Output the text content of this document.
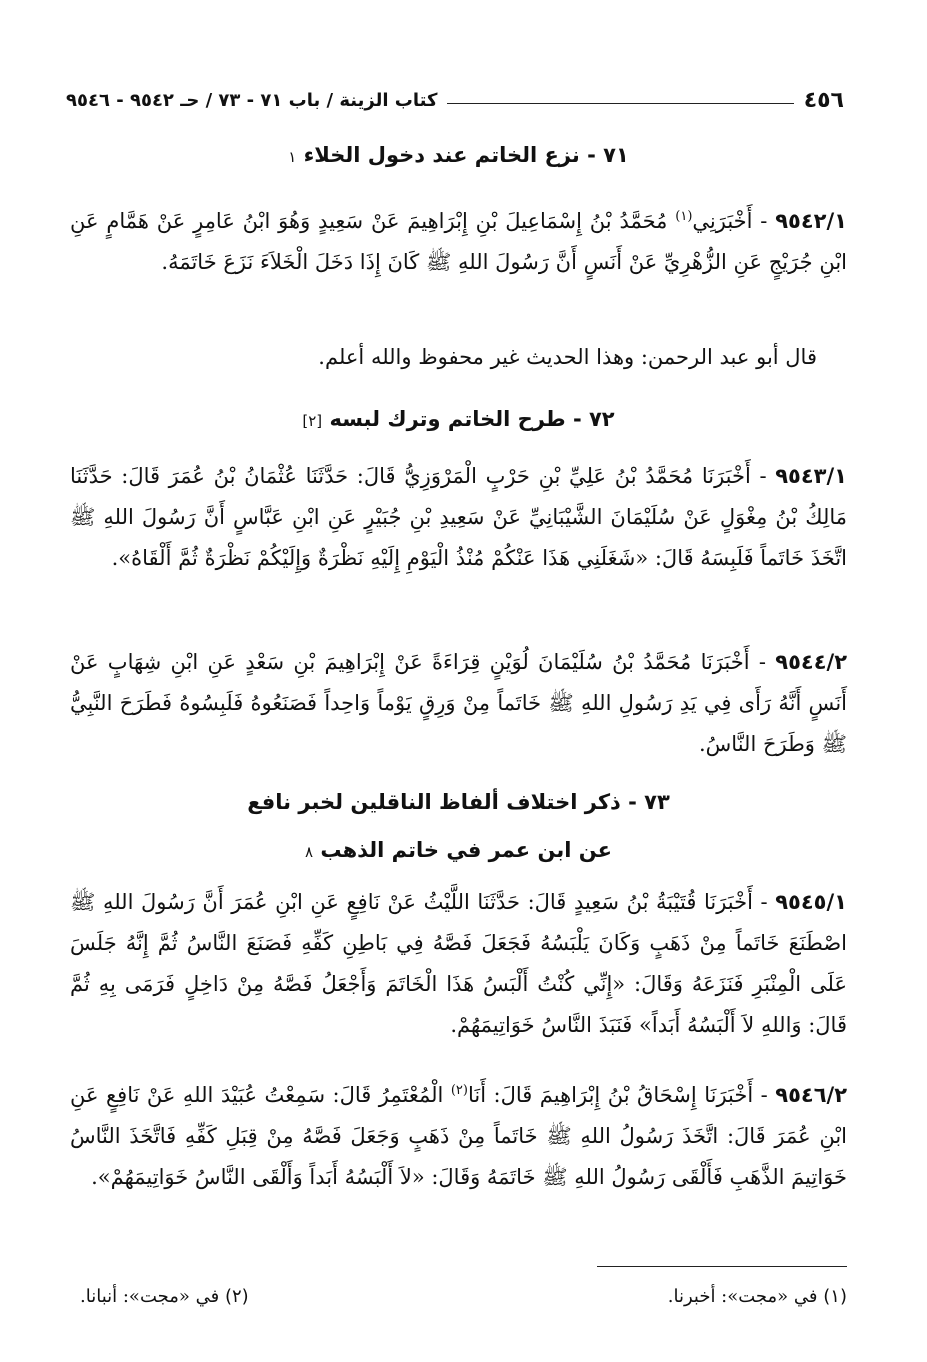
٤٥٦
كتاب الزينة / باب ٧١ - ٧٣ / حـ ٩٥٤٢ - ٩٥٤٦
٧١ - نزع الخاتم عند دخول الخلاء ١
٩٥٤٢/١ - أَخْبَرَنِي$^{(١)}$ مُحَمَّدُ بْنُ إِسْمَاعِيلَ بْنِ إِبْرَاهِيمَ عَنْ سَعِيدٍ وَهُوَ ابْنُ عَامِرٍ عَنْ هَمَّامٍ عَنِ ابْنِ جُرَيْجٍ عَنِ الزُّهْرِيِّ عَنْ أَنَسٍ أَنَّ رَسُولَ اللهِ ﷺ كَانَ إِذَا دَخَلَ الْخَلاَءَ نَزَعَ خَاتَمَهُ.
قال أبو عبد الرحمن: وهذا الحديث غير محفوظ والله أعلم.
٧٢ - طرح الخاتم وترك لبسه [٢]
٩٥٤٣/١ - أَخْبَرَنَا مُحَمَّدُ بْنُ عَلِيِّ بْنِ حَرْبٍ الْمَرْوَزِيُّ قَالَ: حَدَّثَنَا عُثْمَانُ بْنُ عُمَرَ قَالَ: حَدَّثَنَا مَالِكُ بْنُ مِغْوَلٍ عَنْ سُلَيْمَانَ الشَّيْبَانِيِّ عَنْ سَعِيدِ بْنِ جُبَيْرٍ عَنِ ابْنِ عَبَّاسٍ أَنَّ رَسُولَ اللهِ ﷺ اتَّخَذَ خَاتَماً فَلَبِسَهُ قَالَ: «شَغَلَنِي هَذَا عَنْكُمْ مُنْذُ الْيَوْمِ إِلَيْهِ نَظْرَةٌ وَإِلَيْكُمْ نَظْرَةٌ ثُمَّ أَلْقَاهُ».
٩٥٤٤/٢ - أَخْبَرَنَا مُحَمَّدُ بْنُ سُلَيْمَانَ لُوَيْنٍ قِرَاءَةً عَنْ إِبْرَاهِيمَ بْنِ سَعْدٍ عَنِ ابْنِ شِهَابٍ عَنْ أَنَسٍ أَنَّهُ رَأَى فِي يَدِ رَسُولِ اللهِ ﷺ خَاتَماً مِنْ وَرِقٍ يَوْماً وَاحِداً فَصَنَعُوهُ فَلَبِسُوهُ فَطَرَحَ النَّبِيُّ ﷺ وَطَرَحَ النَّاسُ.
٧٣ - ذكر اختلاف ألفاظ الناقلين لخبر نافع
عن ابن عمر في خاتم الذهب ٨
٩٥٤٥/١ - أَخْبَرَنَا قُتَيْبَةُ بْنُ سَعِيدٍ قَالَ: حَدَّثَنَا اللَّيْثُ عَنْ نَافِعٍ عَنِ ابْنِ عُمَرَ أَنَّ رَسُولَ اللهِ ﷺ اصْطَنَعَ خَاتَماً مِنْ ذَهَبٍ وَكَانَ يَلْبَسُهُ فَجَعَلَ فَصَّهُ فِي بَاطِنِ كَفِّهِ فَصَنَعَ النَّاسُ ثُمَّ إِنَّهُ جَلَسَ عَلَى الْمِنْبَرِ فَنَزَعَهُ وَقَالَ: «إِنِّي كُنْتُ أَلْبَسُ هَذَا الْخَاتَمَ وَأَجْعَلُ فَصَّهُ مِنْ دَاخِلٍ فَرَمَى بِهِ ثُمَّ قَالَ: وَاللهِ لاَ أَلْبَسُهُ أَبَداً» فَنَبَذَ النَّاسُ خَوَاتِيمَهُمْ.
٩٥٤٦/٢ - أَخْبَرَنَا إِسْحَاقُ بْنُ إِبْرَاهِيمَ قَالَ: أَنَا$^{(٢)}$ الْمُعْتَمِرُ قَالَ: سَمِعْتُ عُبَيْدَ اللهِ عَنْ نَافِعٍ عَنِ ابْنِ عُمَرَ قَالَ: اتَّخَذَ رَسُولُ اللهِ ﷺ خَاتَماً مِنْ ذَهَبٍ وَجَعَلَ فَصَّهُ مِنْ قِبَلِ كَفِّهِ فَاتَّخَذَ النَّاسُ خَوَاتِيمَ الذَّهَبِ فَأَلْقَى رَسُولُ اللهِ ﷺ خَاتَمَهُ وَقَالَ: «لاَ أَلْبَسُهُ أَبَداً وَأَلْقَى النَّاسُ خَوَاتِيمَهُمْ».
(١) في «مجت»: أخبرنا.
(٢) في «مجت»: أنبانا.
